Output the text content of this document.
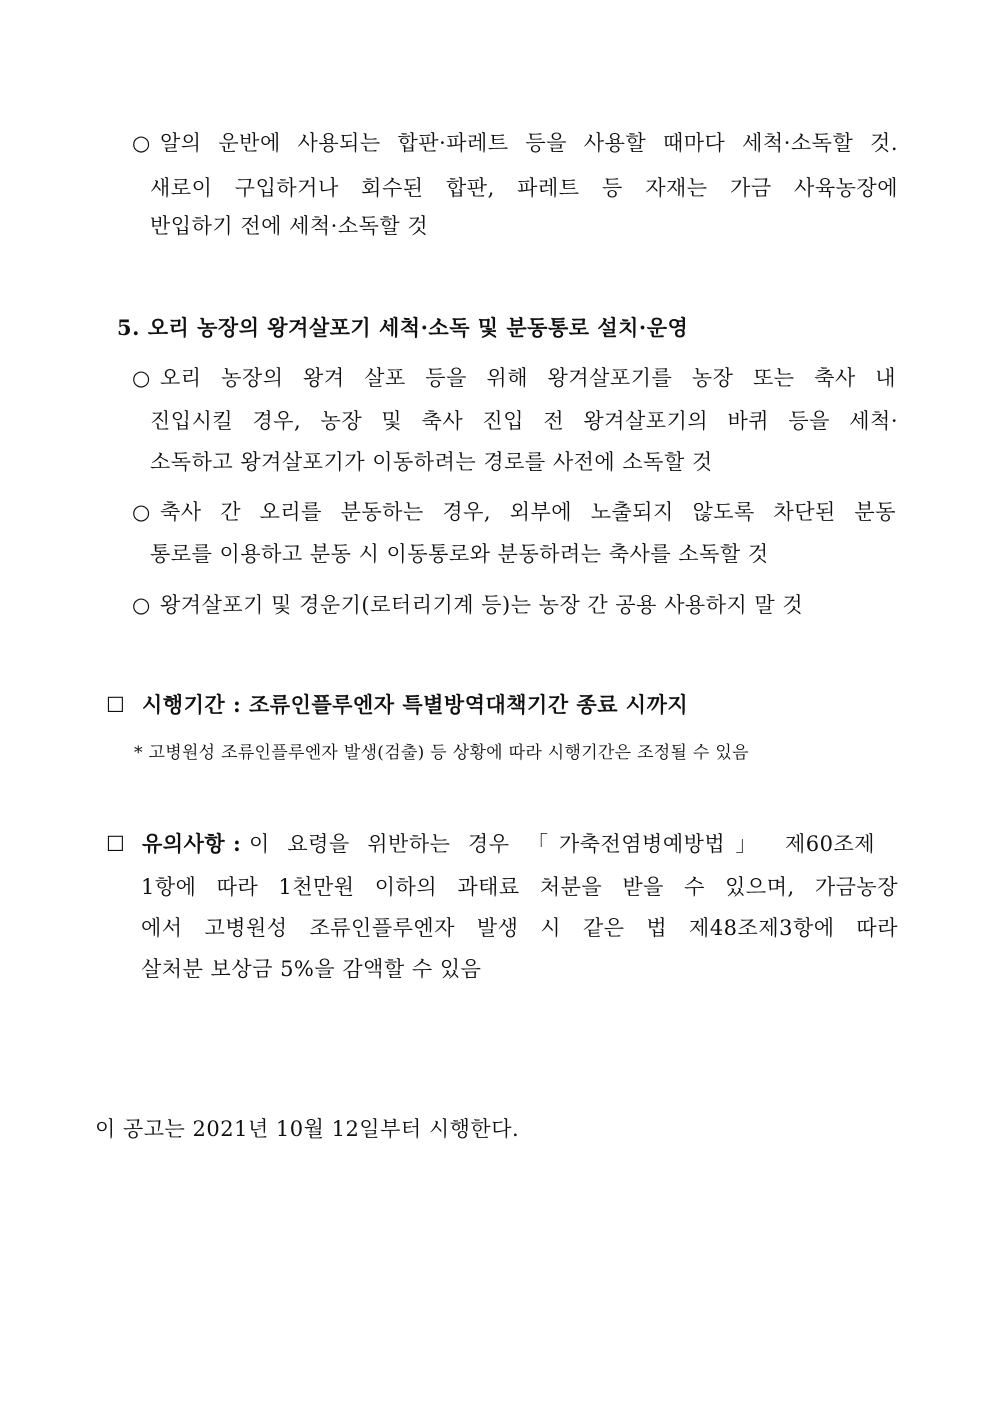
○ 알의 운반에 사용되는 합판·파레트 등을 사용할 때마다 세척·소독할 것.
새로이 구입하거나 회수된 합판, 파레트 등 자재는 가금 사육농장에
반입하기 전에 세척·소독할 것
5. 오리 농장의 왕겨살포기 세척·소독 및 분동통로 설치·운영
○ 오리 농장의 왕겨 살포 등을 위해 왕겨살포기를 농장 또는 축사 내
진입시킬 경우, 농장 및 축사 진입 전 왕겨살포기의 바퀴 등을 세척·
소독하고 왕겨살포기가 이동하려는 경로를 사전에 소독할 것
○ 축사 간 오리를 분동하는 경우, 외부에 노출되지 않도록 차단된 분동
통로를 이용하고 분동 시 이동통로와 분동하려는 축사를 소독할 것
○ 왕겨살포기 및 경운기(로터리기계 등)는 농장 간 공용 사용하지 말 것
☐ 시행기간 : 조류인플루엔자 특별방역대책기간 종료 시까지
* 고병원성 조류인플루엔자 발생(검출) 등 상황에 따라 시행기간은 조정될 수 있음
☐ 유의사항 : 이 요령을 위반하는 경우 「가축전염병예방법」 제60조제
1항에 따라 1천만원 이하의 과태료 처분을 받을 수 있으며, 가금농장
에서 고병원성 조류인플루엔자 발생 시 같은 법 제48조제3항에 따라
살처분 보상금 5%을 감액할 수 있음
이 공고는 2021년 10월 12일부터 시행한다.
